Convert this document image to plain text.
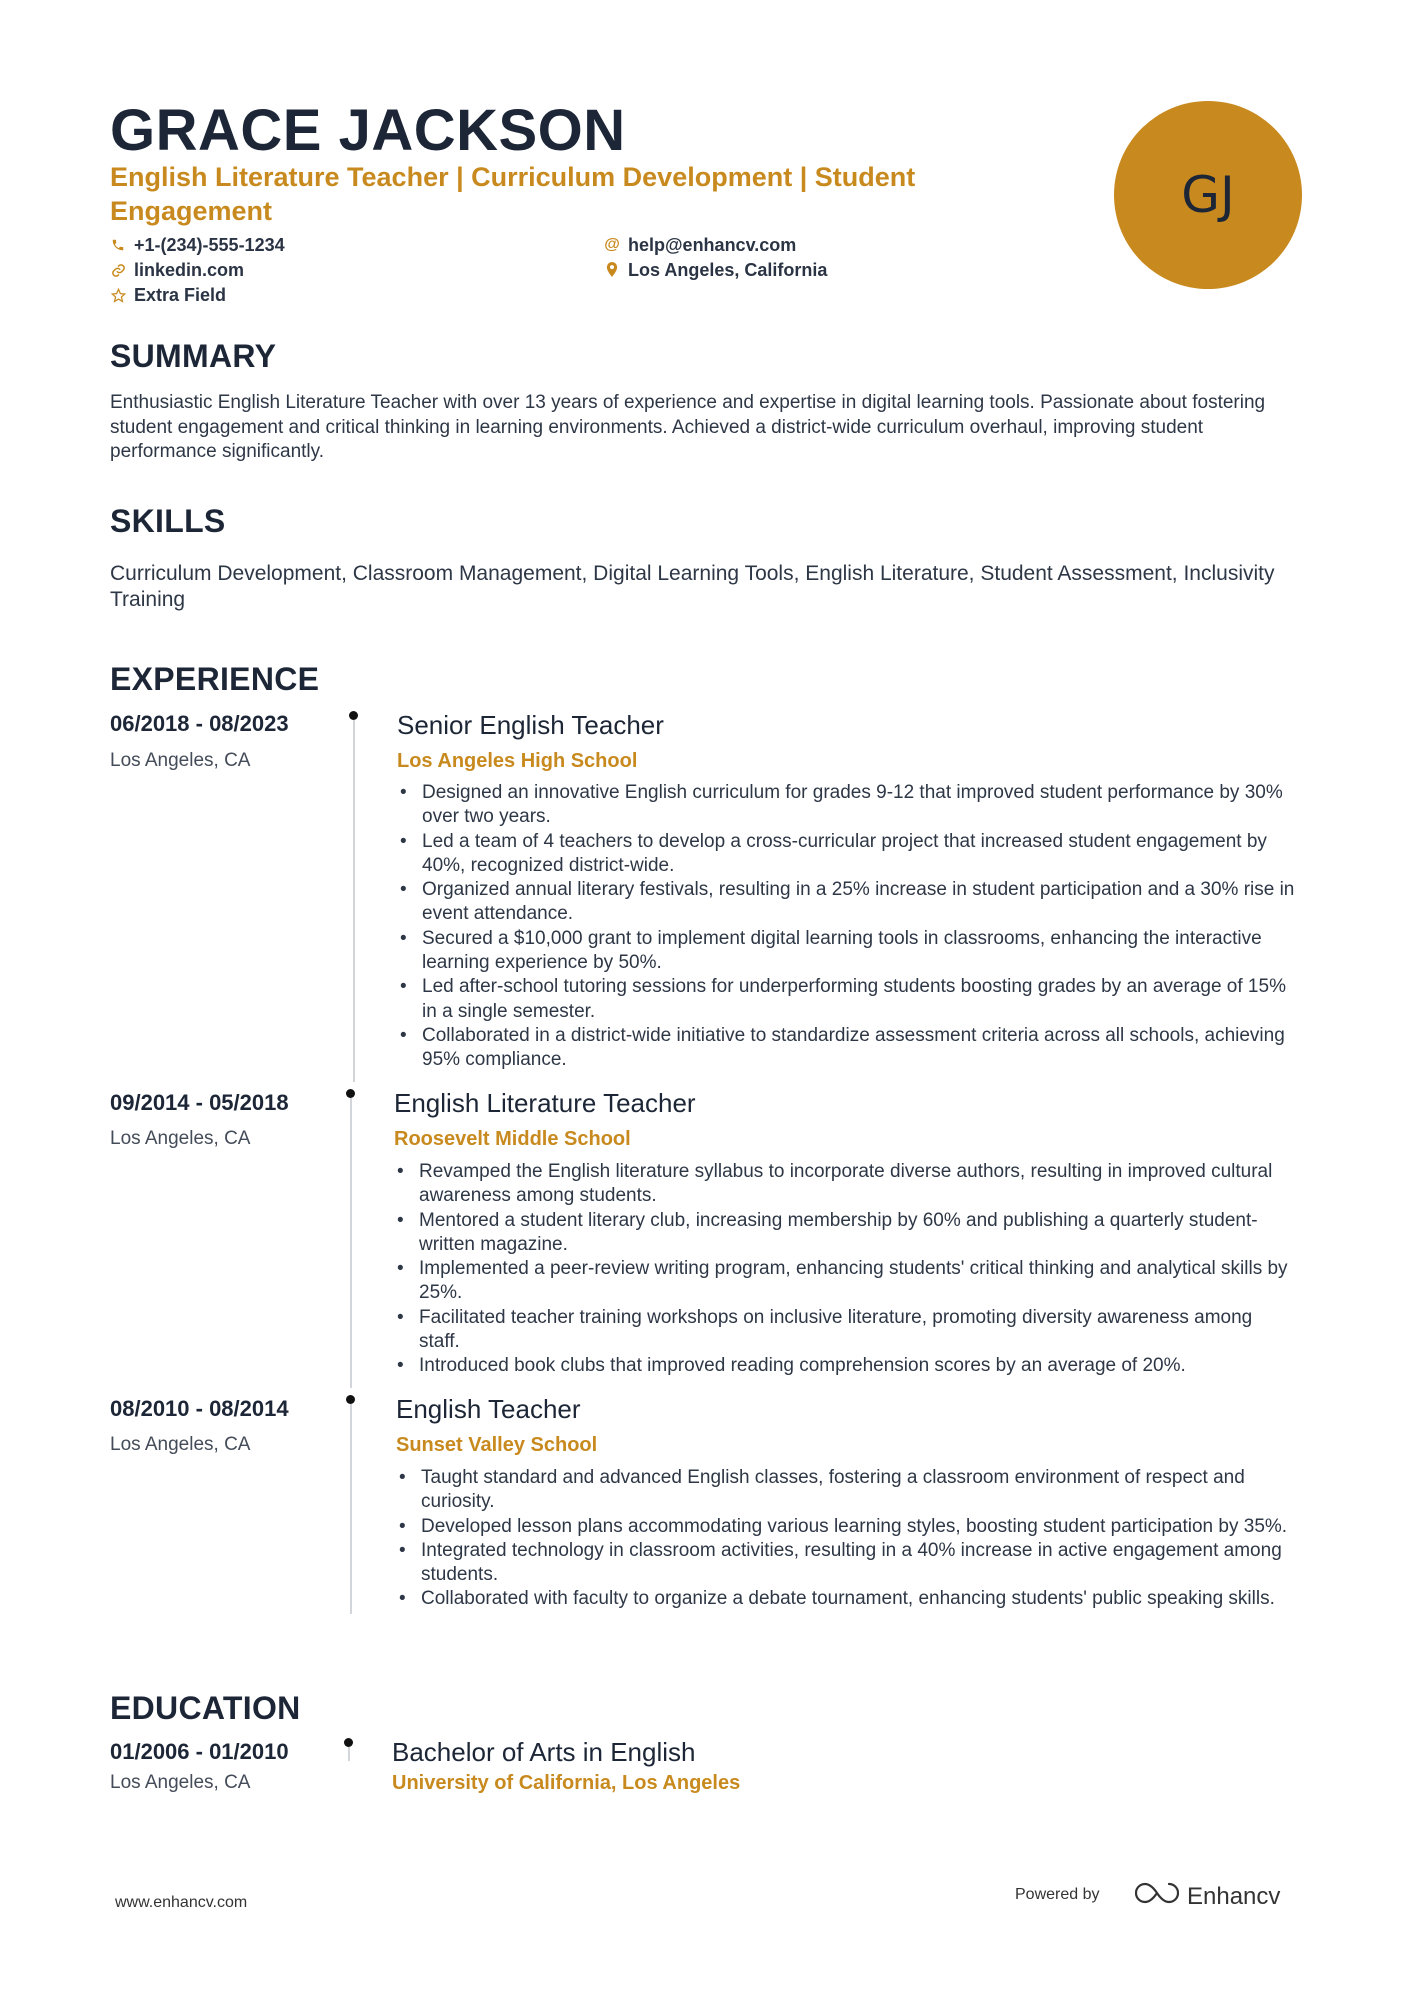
GRACE JACKSON
English Literature Teacher | Curriculum Development | Student Engagement
+1-(234)-555-1234
linkedin.com
Extra Field
@ help@enhancv.com
Los Angeles, California
GJ
SUMMARY
Enthusiastic English Literature Teacher with over 13 years of experience and expertise in digital learning tools. Passionate about fostering student engagement and critical thinking in learning environments. Achieved a district-wide curriculum overhaul, improving student performance significantly.
SKILLS
Curriculum Development, Classroom Management, Digital Learning Tools, English Literature, Student Assessment, Inclusivity Training
EXPERIENCE
06/2018 - 08/2023
Los Angeles, CA
Senior English Teacher
Los Angeles High School
• Designed an innovative English curriculum for grades 9-12 that improved student performance by 30% over two years.
• Led a team of 4 teachers to develop a cross-curricular project that increased student engagement by 40%, recognized district-wide.
• Organized annual literary festivals, resulting in a 25% increase in student participation and a 30% rise in event attendance.
• Secured a $10,000 grant to implement digital learning tools in classrooms, enhancing the interactive learning experience by 50%.
• Led after-school tutoring sessions for underperforming students boosting grades by an average of 15% in a single semester.
• Collaborated in a district-wide initiative to standardize assessment criteria across all schools, achieving 95% compliance.
09/2014 - 05/2018
Los Angeles, CA
English Literature Teacher
Roosevelt Middle School
• Revamped the English literature syllabus to incorporate diverse authors, resulting in improved cultural awareness among students.
• Mentored a student literary club, increasing membership by 60% and publishing a quarterly student-written magazine.
• Implemented a peer-review writing program, enhancing students' critical thinking and analytical skills by 25%.
• Facilitated teacher training workshops on inclusive literature, promoting diversity awareness among staff.
• Introduced book clubs that improved reading comprehension scores by an average of 20%.
08/2010 - 08/2014
Los Angeles, CA
English Teacher
Sunset Valley School
• Taught standard and advanced English classes, fostering a classroom environment of respect and curiosity.
• Developed lesson plans accommodating various learning styles, boosting student participation by 35%.
• Integrated technology in classroom activities, resulting in a 40% increase in active engagement among students.
• Collaborated with faculty to organize a debate tournament, enhancing students' public speaking skills.
EDUCATION
01/2006 - 01/2010
Los Angeles, CA
Bachelor of Arts in English
University of California, Los Angeles
www.enhancv.com	Powered by	Enhancv
